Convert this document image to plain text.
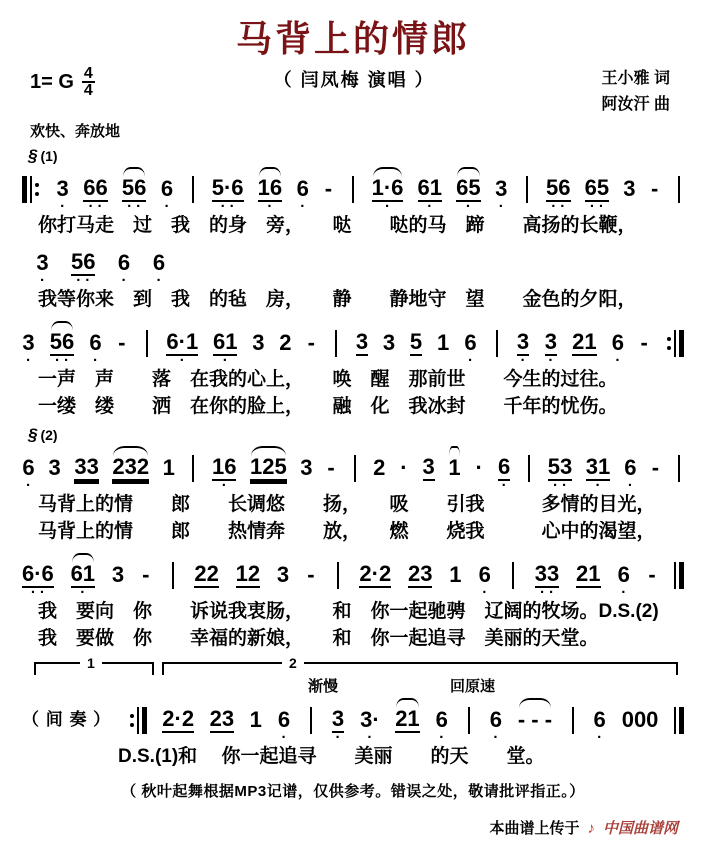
马背上的情郎
1= G $\frac{4}{4}$	（ 闫凤梅 演唱 ）	王小雅 词
阿汝汗 曲
欢快、奔放地
§ (1)
3
·
66
··
56
··
6
·
5·6
··
16
·
6
·
- 1·6
·
61
·
65
·
3
·
56
··
65
··
3 -
你打马走　过　我　的身　旁，　　哒　　哒的马　蹄　　高扬的长鞭，
3
·
56
··
6
·
6
·
我等你来　到　我　的毡　房，　　静　　静地守　望　　金色的夕阳，
3
·
56
··
6
·
- 6·1
·
61
·
3 2 - 3 3 5 1 6
·
3
·
3
·
21 6
·
-
一声　声　　落　在我的心上，　　唤　醒　那前世　　今生的过往。
一缕　缕　　洒　在你的脸上，　　融　化　我冰封　　千年的忧伤。
§ (2)
6
·
3 33 232 1 16
·
125 3 - 2 · 3 1 · 6
·
53
··
31
·
6
·
-
马背上的情　　郎　　长调悠　　扬，　　吸　　引我　　　多情的目光，
马背上的情　　郎　　热情奔　　放，　　燃　　烧我　　　心中的渴望，
6·6
··
61
·
3 - 22 12 3 - 2·2 23 1 6
·
33
··
21 6
·
-
我　要向　你　　诉说我衷肠，　　和　你一起驰骋　辽阔的牧场。D.S.(2)
我　要做　你　　幸福的新娘，　　和　你一起追寻　美丽的天堂。
1	2
渐慢	回原速
（ 间 奏 ） 2·2 23 1 6
·
3
·
3·
·
21 6
·
6
·
- - - 6
·
000
D.S.(1)和　 你一起追寻　　美丽　　的天　　堂。
（ 秋叶起舞根据MP3记谱，仅供参考。错误之处，敬请批评指正。）
本曲谱上传于 ♪ 中国曲谱网
